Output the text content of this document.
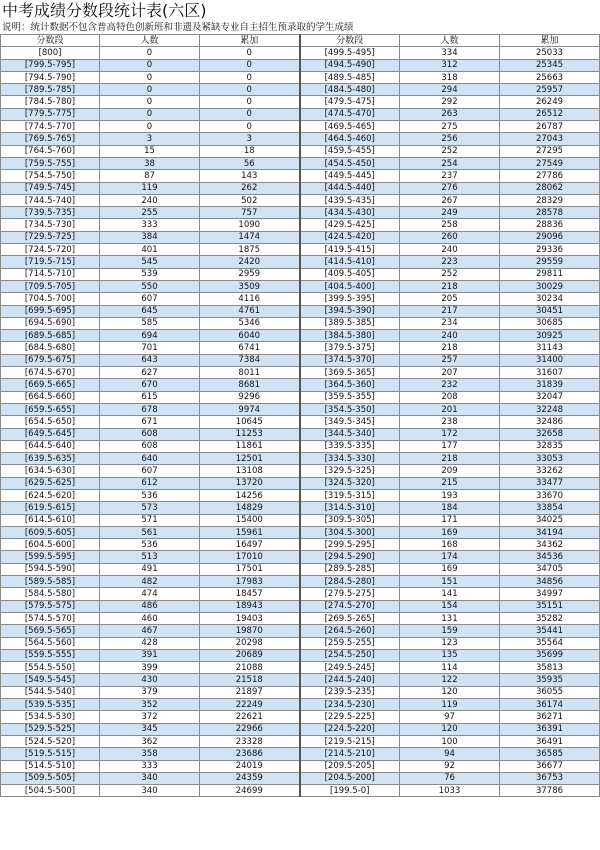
中考成绩分数段统计表(六区)
说明：统计数据不包含普高特色创新班和非遗及紧缺专业自主招生预录取的学生成绩
分数段	人数	累加	分数段	人数	累加
[800]	0	0	[499.5-495]	334	25033
[799.5-795]	0	0	[494.5-490]	312	25345
[794.5-790]	0	0	[489.5-485]	318	25663
[789.5-785]	0	0	[484.5-480]	294	25957
[784.5-780]	0	0	[479.5-475]	292	26249
[779.5-775]	0	0	[474.5-470]	263	26512
[774.5-770]	0	0	[469.5-465]	275	26787
[769.5-765]	3	3	[464.5-460]	256	27043
[764.5-760]	15	18	[459.5-455]	252	27295
[759.5-755]	38	56	[454.5-450]	254	27549
[754.5-750]	87	143	[449.5-445]	237	27786
[749.5-745]	119	262	[444.5-440]	276	28062
[744.5-740]	240	502	[439.5-435]	267	28329
[739.5-735]	255	757	[434.5-430]	249	28578
[734.5-730]	333	1090	[429.5-425]	258	28836
[729.5-725]	384	1474	[424.5-420]	260	29096
[724.5-720]	401	1875	[419.5-415]	240	29336
[719.5-715]	545	2420	[414.5-410]	223	29559
[714.5-710]	539	2959	[409.5-405]	252	29811
[709.5-705]	550	3509	[404.5-400]	218	30029
[704.5-700]	607	4116	[399.5-395]	205	30234
[699.5-695]	645	4761	[394.5-390]	217	30451
[694.5-690]	585	5346	[389.5-385]	234	30685
[689.5-685]	694	6040	[384.5-380]	240	30925
[684.5-680]	701	6741	[379.5-375]	218	31143
[679.5-675]	643	7384	[374.5-370]	257	31400
[674.5-670]	627	8011	[369.5-365]	207	31607
[669.5-665]	670	8681	[364.5-360]	232	31839
[664.5-660]	615	9296	[359.5-355]	208	32047
[659.5-655]	678	9974	[354.5-350]	201	32248
[654.5-650]	671	10645	[349.5-345]	238	32486
[649.5-645]	608	11253	[344.5-340]	172	32658
[644.5-640]	608	11861	[339.5-335]	177	32835
[639.5-635]	640	12501	[334.5-330]	218	33053
[634.5-630]	607	13108	[329.5-325]	209	33262
[629.5-625]	612	13720	[324.5-320]	215	33477
[624.5-620]	536	14256	[319.5-315]	193	33670
[619.5-615]	573	14829	[314.5-310]	184	33854
[614.5-610]	571	15400	[309.5-305]	171	34025
[609.5-605]	561	15961	[304.5-300]	169	34194
[604.5-600]	536	16497	[299.5-295]	168	34362
[599.5-595]	513	17010	[294.5-290]	174	34536
[594.5-590]	491	17501	[289.5-285]	169	34705
[589.5-585]	482	17983	[284.5-280]	151	34856
[584.5-580]	474	18457	[279.5-275]	141	34997
[579.5-575]	486	18943	[274.5-270]	154	35151
[574.5-570]	460	19403	[269.5-265]	131	35282
[569.5-565]	467	19870	[264.5-260]	159	35441
[564.5-560]	428	20298	[259.5-255]	123	35564
[559.5-555]	391	20689	[254.5-250]	135	35699
[554.5-550]	399	21088	[249.5-245]	114	35813
[549.5-545]	430	21518	[244.5-240]	122	35935
[544.5-540]	379	21897	[239.5-235]	120	36055
[539.5-535]	352	22249	[234.5-230]	119	36174
[534.5-530]	372	22621	[229.5-225]	97	36271
[529.5-525]	345	22966	[224.5-220]	120	36391
[524.5-520]	362	23328	[219.5-215]	100	36491
[519.5-515]	358	23686	[214.5-210]	94	36585
[514.5-510]	333	24019	[209.5-205]	92	36677
[509.5-505]	340	24359	[204.5-200]	76	36753
[504.5-500]	340	24699	[199.5-0]	1033	37786
